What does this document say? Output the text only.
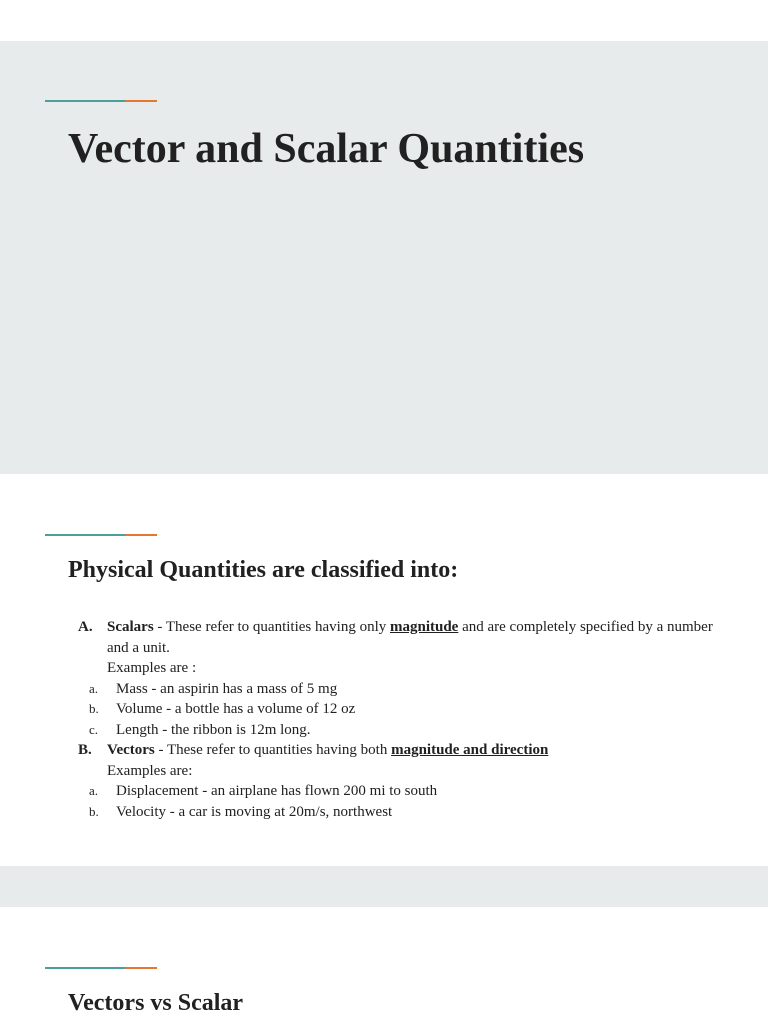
Vector and Scalar Quantities
Physical Quantities are classified into:
A. Scalars - These refer to quantities having only magnitude and are completely specified by a number and a unit.
Examples are :
a. Mass - an aspirin has a mass of 5 mg
b. Volume - a bottle has a volume of 12 oz
c. Length - the ribbon is 12m long.
B. Vectors - These refer to quantities having both magnitude and direction
Examples are:
a. Displacement - an airplane has flown 200 mi to south
b. Velocity - a car is moving at 20m/s, northwest
Vectors vs Scalar
